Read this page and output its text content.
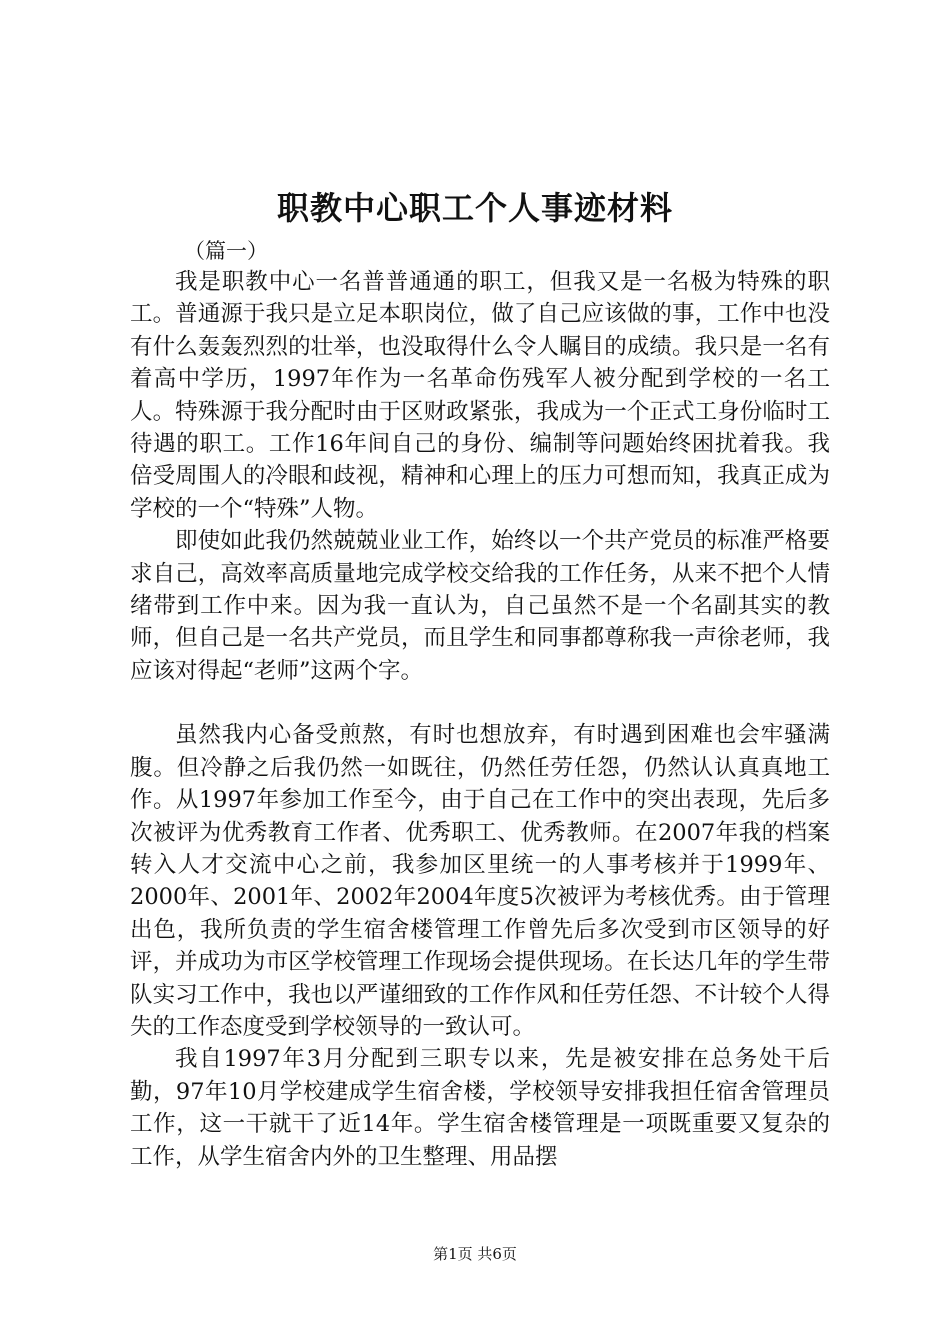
职教中心职工个人事迹材料
（篇一）

我是职教中心一名普普通通的职工，但我又是一名极为特殊的职工。普通源于我只是立足本职岗位，做了自己应该做的事，工作中也没有什么轰轰烈烈的壮举，也没取得什么令人瞩目的成绩。我只是一名有着高中学历，1997年作为一名革命伤残军人被分配到学校的一名工人。特殊源于我分配时由于区财政紧张，我成为一个正式工身份临时工待遇的职工。工作16年间自己的身份、编制等问题始终困扰着我。我倍受周围人的冷眼和歧视，精神和心理上的压力可想而知，我真正成为学校的一个“特殊”人物。

即使如此我仍然兢兢业业工作，始终以一个共产党员的标准严格要求自己，高效率高质量地完成学校交给我的工作任务，从来不把个人情绪带到工作中来。因为我一直认为，自己虽然不是一个名副其实的教师，但自己是一名共产党员，而且学生和同事都尊称我一声徐老师，我应该对得起“老师”这两个字。

虽然我内心备受煎熬，有时也想放弃，有时遇到困难也会牢骚满腹。但冷静之后我仍然一如既往，仍然任劳任怨，仍然认认真真地工作。从1997年参加工作至今，由于自己在工作中的突出表现，先后多次被评为优秀教育工作者、优秀职工、优秀教师。在2007年我的档案转入人才交流中心之前，我参加区里统一的人事考核并于1999年、2000年、2001年、2002年2004年度5次被评为考核优秀。由于管理出色，我所负责的学生宿舍楼管理工作曾先后多次受到市区领导的好评，并成功为市区学校管理工作现场会提供现场。在长达几年的学生带队实习工作中，我也以严谨细致的工作作风和任劳任怨、不计较个人得失的工作态度受到学校领导的一致认可。

我自1997年3月分配到三职专以来，先是被安排在总务处干后勤，97年10月学校建成学生宿舍楼，学校领导安排我担任宿舍管理员工作，这一干就干了近14年。学生宿舍楼管理是一项既重要又复杂的工作，从学生宿舍内外的卫生整理、用品摆

第1页 共6页
